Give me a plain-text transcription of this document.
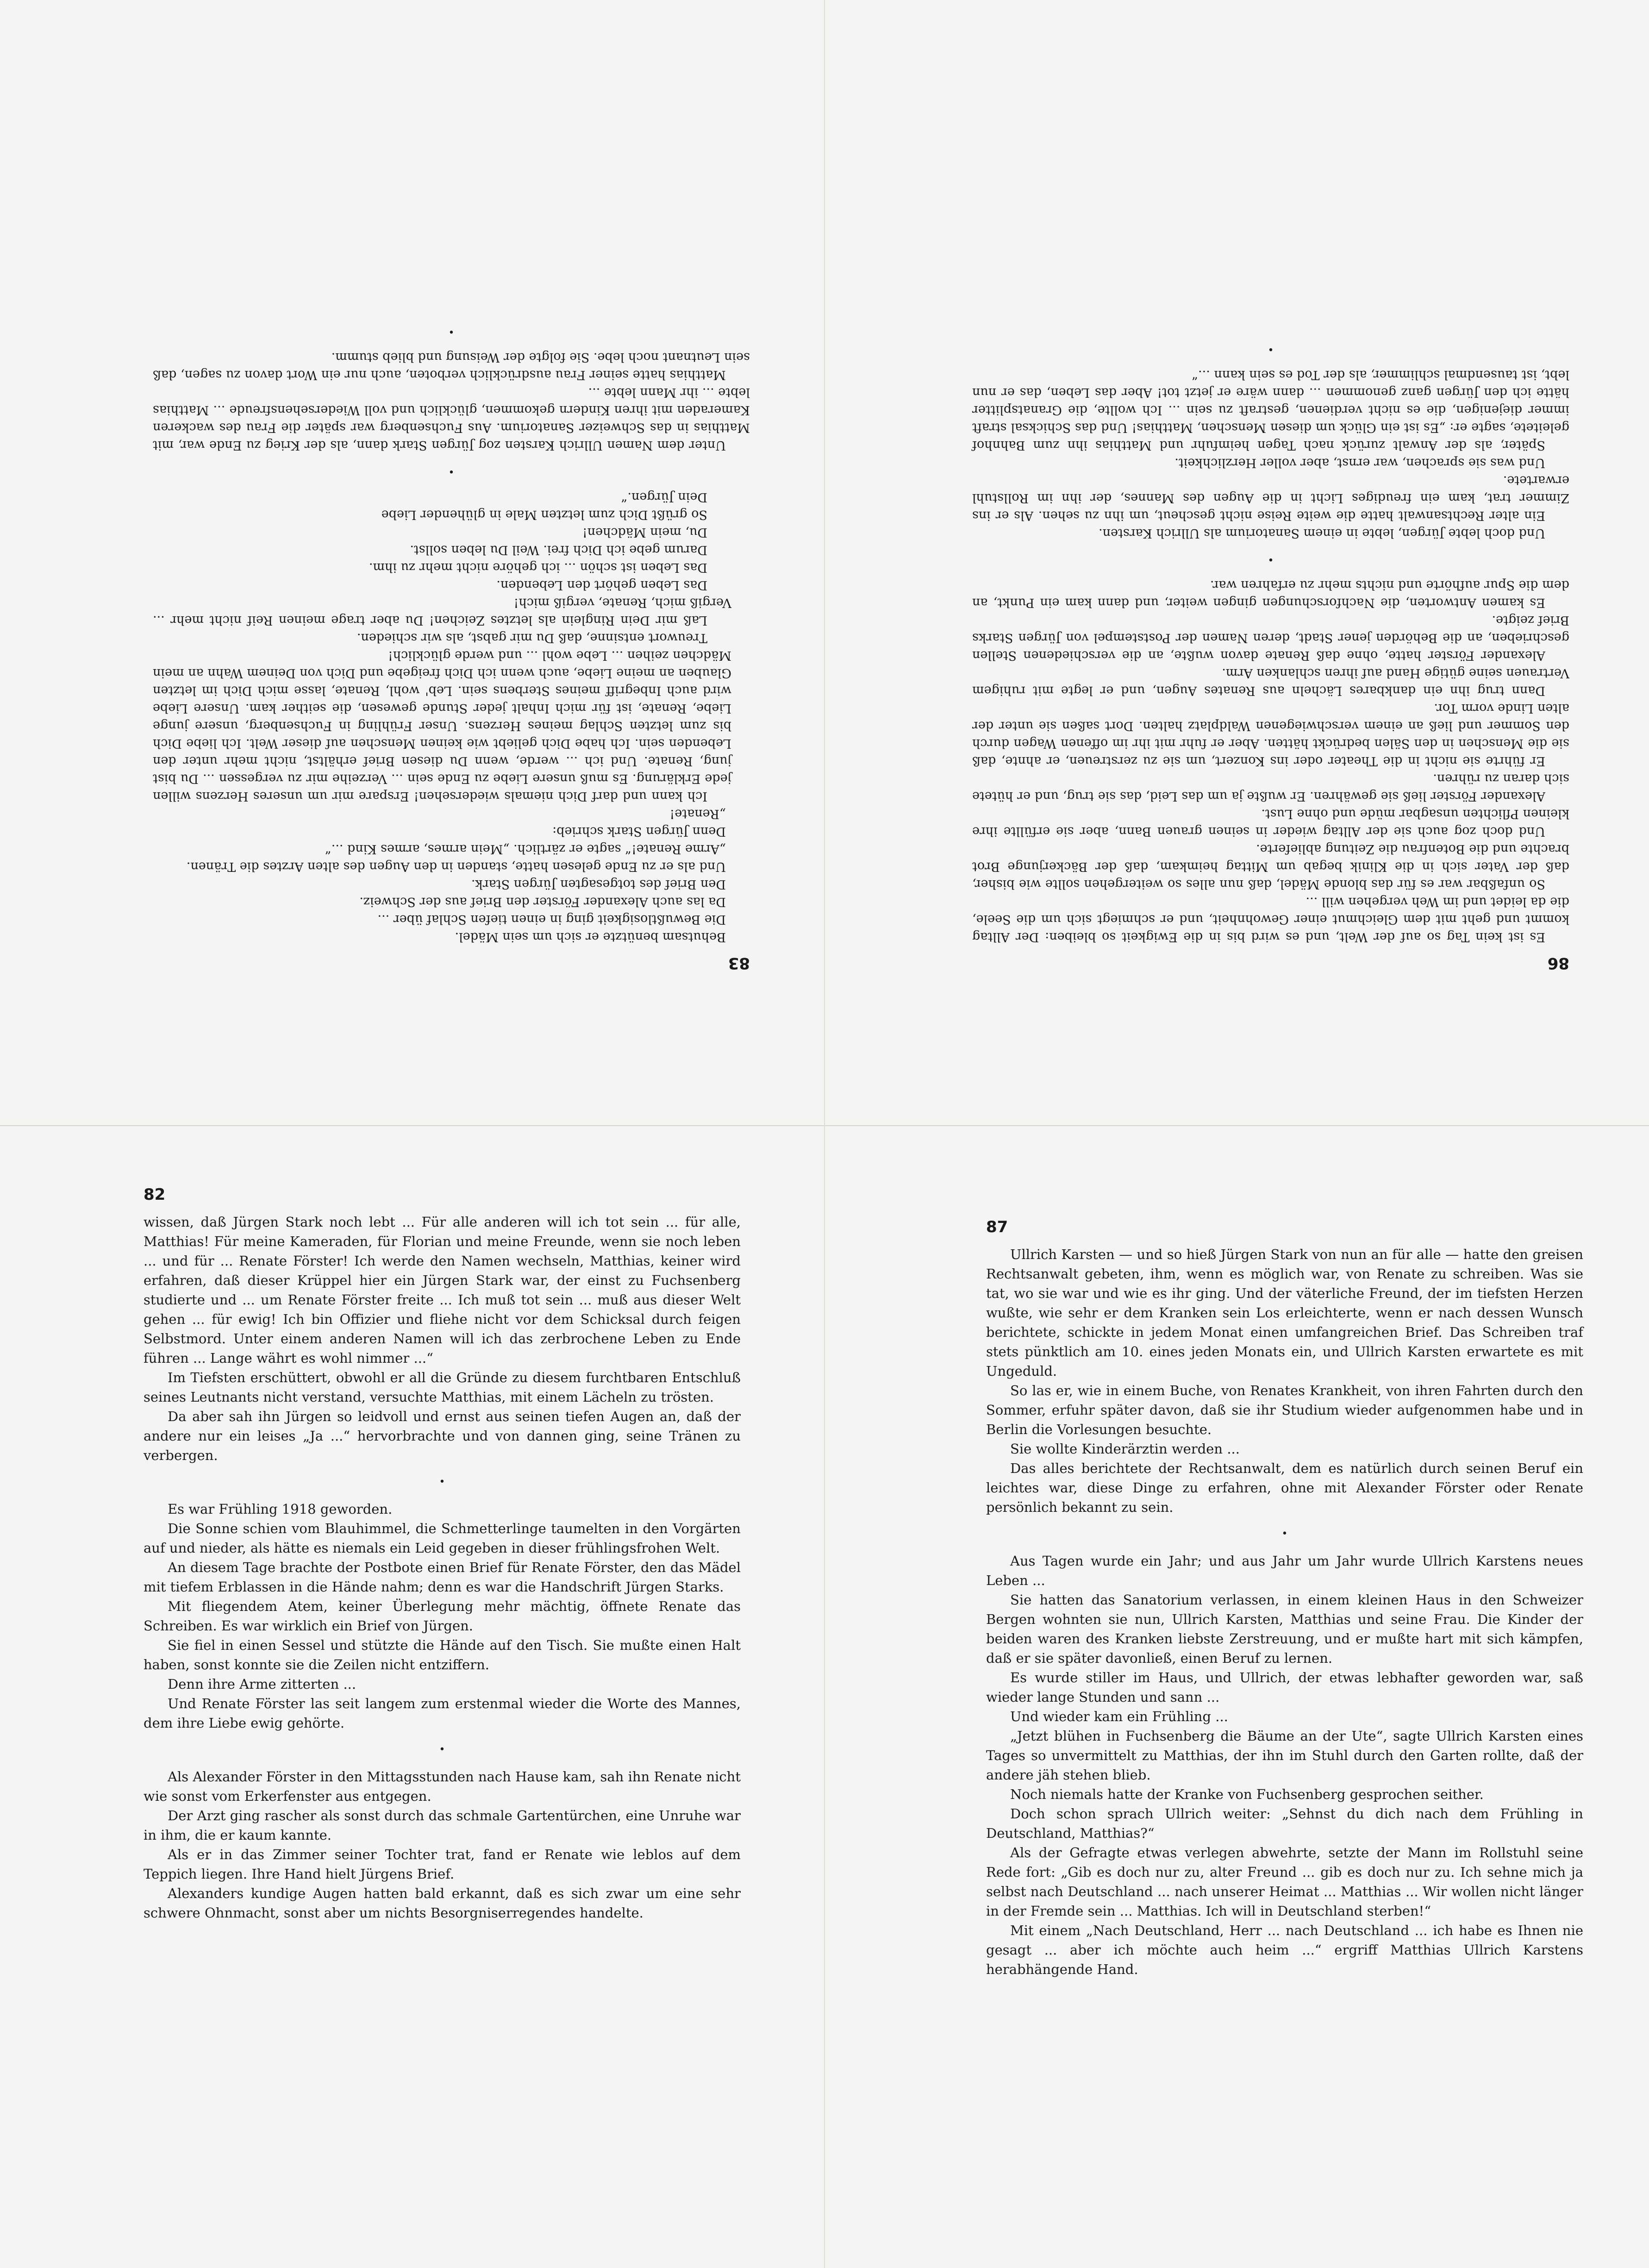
83

Behutsam benützte er sich um sein Mädel.

Die Bewußtlosigkeit ging in einen tiefen Schlaf über ...

Da las auch Alexander Förster den Brief aus der Schweiz.

Den Brief des totgesagten Jürgen Stark.

Und als er zu Ende gelesen hatte, standen in den Augen des alten Arztes die Tränen.

„Arme Renate!“ sagte er zärtlich. „Mein armes, armes Kind ...“

Denn Jürgen Stark schrieb:

„Renate!

Ich kann und darf Dich niemals wiedersehen! Erspare mir um unseres Herzens willen jede Erklärung. Es muß unsere Liebe zu Ende sein ... Verzeihe mir zu vergessen ... Du bist jung, Renate. Und ich ... werde, wenn Du diesen Brief erhältst, nicht mehr unter den Lebenden sein. Ich habe Dich geliebt wie keinen Menschen auf dieser Welt. Ich liebe Dich bis zum letzten Schlag meines Herzens. Unser Frühling in Fuchsenberg, unsere junge Liebe, Renate, ist für mich Inhalt jeder Stunde gewesen, die seither kam. Unsere Liebe wird auch Inbegriff meines Sterbens sein. Leb' wohl, Renate, lasse mich Dich im letzten Glauben an meine Liebe, auch wenn ich Dich freigebe und Dich von Deinem Wahn an mein Mädchen zeihen ... Lebe wohl ... und werde glücklich!

Treuwort entsinne, daß Du mir gabst, als wir schieden.

Laß mir Dein Ringlein als letztes Zeichen! Du aber trage meinen Reif nicht mehr ... Vergiß mich, Renate, vergiß mich!

Das Leben gehört den Lebenden.

Das Leben ist schön ... ich gehöre nicht mehr zu ihm.

Darum gebe ich Dich frei. Weil Du leben sollst.

Du, mein Mädchen!

So grüßt Dich zum letzten Male in glühender Liebe

Dein Jürgen.“

•

Unter dem Namen Ullrich Karsten zog Jürgen Stark dann, als der Krieg zu Ende war, mit Matthias in das Schweizer Sanatorium. Aus Fuchsenberg war später die Frau des wackeren Kameraden mit ihren Kindern gekommen, glücklich und voll Wiedersehensfreude ... Matthias lebte ... ihr Mann lebte ...

Matthias hatte seiner Frau ausdrücklich verboten, auch nur ein Wort davon zu sagen, daß sein Leutnant noch lebe. Sie folgte der Weisung und blieb stumm.

•
86

Es ist kein Tag so auf der Welt, und es wird bis in die Ewigkeit so bleiben: Der Alltag kommt und geht mit dem Gleichmut einer Gewohnheit, und er schmiegt sich um die Seele, die da leidet und im Weh vergehen will ...

So unfaßbar war es für das blonde Mädel, daß nun alles so weitergehen sollte wie bisher, daß der Vater sich in die Klinik begab um Mittag heimkam, daß der Bäckerjunge Brot brachte und die Botenfrau die Zeitung ablieferte.

Und doch zog auch sie der Alltag wieder in seinen grauen Bann, aber sie erfüllte ihre kleinen Pflichten unsagbar müde und ohne Lust.

Alexander Förster ließ sie gewähren. Er wußte ja um das Leid, das sie trug, und er hütete sich daran zu rühren.

Er führte sie nicht in die Theater oder ins Konzert, um sie zu zerstreuen, er ahnte, daß sie die Menschen in den Sälen bedrückt hätten. Aber er fuhr mit ihr im offenen Wagen durch den Sommer und ließ an einem verschwiegenen Waldplatz halten. Dort saßen sie unter der alten Linde vorm Tor.

Dann trug ihn ein dankbares Lächeln aus Renates Augen, und er legte mit ruhigem Vertrauen seine gütige Hand auf ihren schlanken Arm.

Alexander Förster hatte, ohne daß Renate davon wußte, an die verschiedenen Stellen geschrieben, an die Behörden jener Stadt, deren Namen der Poststempel von Jürgen Starks Brief zeigte.

Es kamen Antworten, die Nachforschungen gingen weiter, und dann kam ein Punkt, an dem die Spur aufhörte und nichts mehr zu erfahren war.

•

Und doch lebte Jürgen, lebte in einem Sanatorium als Ullrich Karsten.

Ein alter Rechtsanwalt hatte die weite Reise nicht gescheut, um ihn zu sehen. Als er ins Zimmer trat, kam ein freudiges Licht in die Augen des Mannes, der ihn im Rollstuhl erwartete.

Und was sie sprachen, war ernst, aber voller Herzlichkeit.

Später, als der Anwalt zurück nach Tagen heimfuhr und Matthias ihn zum Bahnhof geleitete, sagte er: „Es ist ein Glück um diesen Menschen, Matthias! Und das Schicksal straft immer diejenigen, die es nicht verdienen, gestraft zu sein ... Ich wollte, die Granatsplitter hätte ich den Jürgen ganz genommen ... dann wäre er jetzt tot! Aber das Leben, das er nun lebt, ist tausendmal schlimmer, als der Tod es sein kann ...“

•
82

wissen, daß Jürgen Stark noch lebt ... Für alle anderen will ich tot sein ... für alle, Matthias! Für meine Kameraden, für Florian und meine Freunde, wenn sie noch leben ... und für ... Renate Förster! Ich werde den Namen wechseln, Matthias, keiner wird erfahren, daß dieser Krüppel hier ein Jürgen Stark war, der einst zu Fuchsenberg studierte und ... um Renate Förster freite ... Ich muß tot sein ... muß aus dieser Welt gehen ... für ewig! Ich bin Offizier und fliehe nicht vor dem Schicksal durch feigen Selbstmord. Unter einem anderen Namen will ich das zerbrochene Leben zu Ende führen ... Lange währt es wohl nimmer ...“

Im Tiefsten erschüttert, obwohl er all die Gründe zu diesem furchtbaren Entschluß seines Leutnants nicht verstand, versuchte Matthias, mit einem Lächeln zu trösten.

Da aber sah ihn Jürgen so leidvoll und ernst aus seinen tiefen Augen an, daß der andere nur ein leises „Ja ...“ hervorbrachte und von dannen ging, seine Tränen zu verbergen.

•

Es war Frühling 1918 geworden.

Die Sonne schien vom Blauhimmel, die Schmetterlinge taumelten in den Vorgärten auf und nieder, als hätte es niemals ein Leid gegeben in dieser frühlingsfrohen Welt.

An diesem Tage brachte der Postbote einen Brief für Renate Förster, den das Mädel mit tiefem Erblassen in die Hände nahm; denn es war die Handschrift Jürgen Starks.

Mit fliegendem Atem, keiner Überlegung mehr mächtig, öffnete Renate das Schreiben. Es war wirklich ein Brief von Jürgen.

Sie fiel in einen Sessel und stützte die Hände auf den Tisch. Sie mußte einen Halt haben, sonst konnte sie die Zeilen nicht entziffern.

Denn ihre Arme zitterten ...

Und Renate Förster las seit langem zum erstenmal wieder die Worte des Mannes, dem ihre Liebe ewig gehörte.

•

Als Alexander Förster in den Mittagsstunden nach Hause kam, sah ihn Renate nicht wie sonst vom Erkerfenster aus entgegen.

Der Arzt ging rascher als sonst durch das schmale Gartentürchen, eine Unruhe war in ihm, die er kaum kannte.

Als er in das Zimmer seiner Tochter trat, fand er Renate wie leblos auf dem Teppich liegen. Ihre Hand hielt Jürgens Brief.

Alexanders kundige Augen hatten bald erkannt, daß es sich zwar um eine sehr schwere Ohnmacht, sonst aber um nichts Besorgniserregendes handelte.

87

Ullrich Karsten — und so hieß Jürgen Stark von nun an für alle — hatte den greisen Rechtsanwalt gebeten, ihm, wenn es möglich war, von Renate zu schreiben. Was sie tat, wo sie war und wie es ihr ging. Und der väterliche Freund, der im tiefsten Herzen wußte, wie sehr er dem Kranken sein Los erleichterte, wenn er nach dessen Wunsch berichtete, schickte in jedem Monat einen umfangreichen Brief. Das Schreiben traf stets pünktlich am 10. eines jeden Monats ein, und Ullrich Karsten erwartete es mit Ungeduld.

So las er, wie in einem Buche, von Renates Krankheit, von ihren Fahrten durch den Sommer, erfuhr später davon, daß sie ihr Studium wieder aufgenommen habe und in Berlin die Vorlesungen besuchte.

Sie wollte Kinderärztin werden ...

Das alles berichtete der Rechtsanwalt, dem es natürlich durch seinen Beruf ein leichtes war, diese Dinge zu erfahren, ohne mit Alexander Förster oder Renate persönlich bekannt zu sein.

•

Aus Tagen wurde ein Jahr; und aus Jahr um Jahr wurde Ullrich Karstens neues Leben ...

Sie hatten das Sanatorium verlassen, in einem kleinen Haus in den Schweizer Bergen wohnten sie nun, Ullrich Karsten, Matthias und seine Frau. Die Kinder der beiden waren des Kranken liebste Zerstreuung, und er mußte hart mit sich kämpfen, daß er sie später davonließ, einen Beruf zu lernen.

Es wurde stiller im Haus, und Ullrich, der etwas lebhafter geworden war, saß wieder lange Stunden und sann ...

Und wieder kam ein Frühling ...

„Jetzt blühen in Fuchsenberg die Bäume an der Ute“, sagte Ullrich Karsten eines Tages so unvermittelt zu Matthias, der ihn im Stuhl durch den Garten rollte, daß der andere jäh stehen blieb.

Noch niemals hatte der Kranke von Fuchsenberg gesprochen seither.

Doch schon sprach Ullrich weiter: „Sehnst du dich nach dem Frühling in Deutschland, Matthias?“

Als der Gefragte etwas verlegen abwehrte, setzte der Mann im Rollstuhl seine Rede fort: „Gib es doch nur zu, alter Freund ... gib es doch nur zu. Ich sehne mich ja selbst nach Deutschland ... nach unserer Heimat ... Matthias ... Wir wollen nicht länger in der Fremde sein ... Matthias. Ich will in Deutschland sterben!“

Mit einem „Nach Deutschland, Herr ... nach Deutschland ... ich habe es Ihnen nie gesagt ... aber ich möchte auch heim ...“ ergriff Matthias Ullrich Karstens herabhängende Hand.
